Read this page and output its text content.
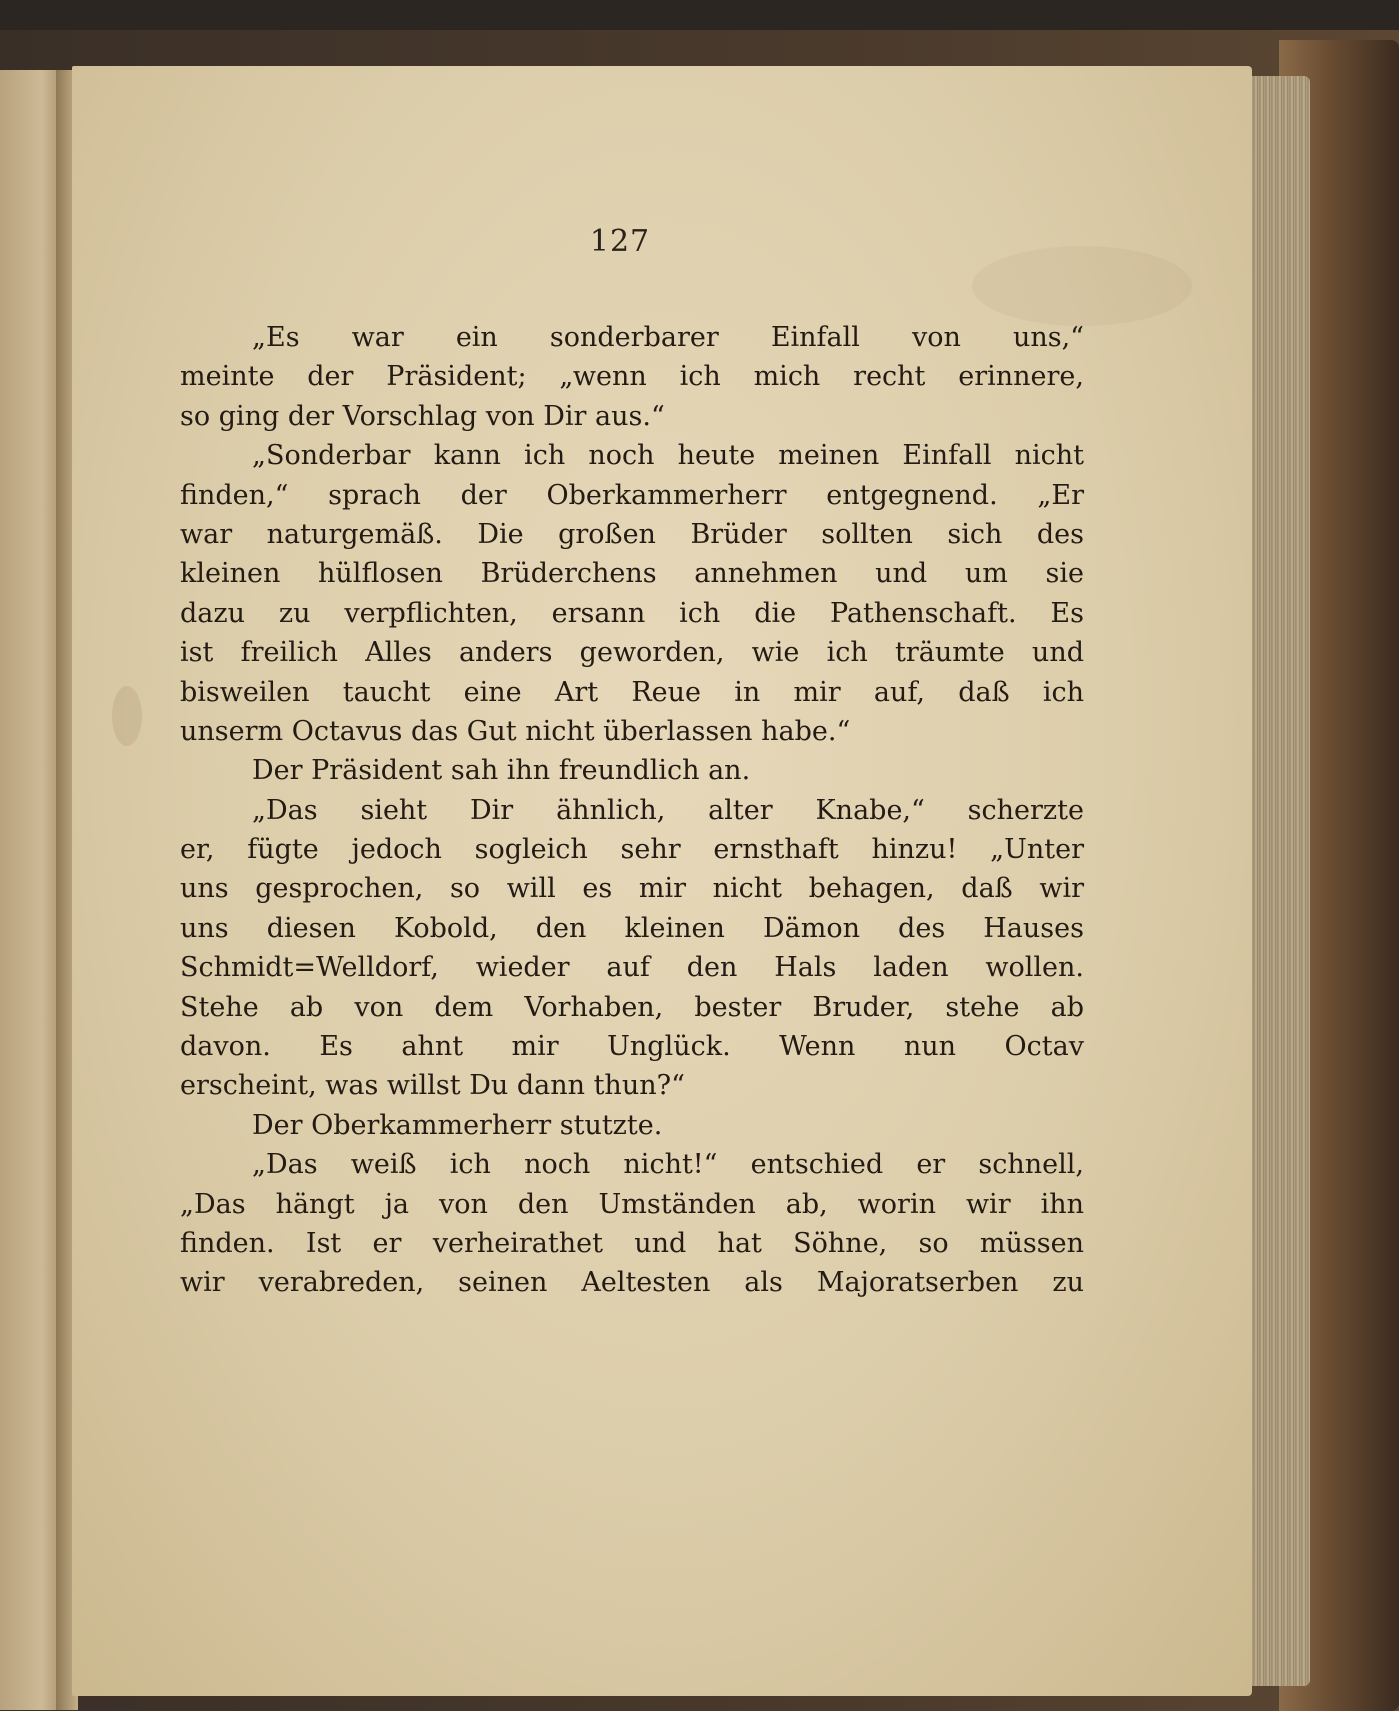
127
„Es war ein sonderbarer Einfall von uns,“
meinte der Präsident; „wenn ich mich recht erinnere,
so ging der Vorschlag von Dir aus.“
„Sonderbar kann ich noch heute meinen Einfall nicht
finden,“ sprach der Oberkammerherr entgegnend. „Er
war naturgemäß. Die großen Brüder sollten sich des
kleinen hülflosen Brüderchens annehmen und um sie
dazu zu verpflichten, ersann ich die Pathenschaft. Es
ist freilich Alles anders geworden, wie ich träumte und
bisweilen taucht eine Art Reue in mir auf, daß ich
unserm Octavus das Gut nicht überlassen habe.“
Der Präsident sah ihn freundlich an.
„Das sieht Dir ähnlich, alter Knabe,“ scherzte
er, fügte jedoch sogleich sehr ernsthaft hinzu! „Unter
uns gesprochen, so will es mir nicht behagen, daß wir
uns diesen Kobold, den kleinen Dämon des Hauses
Schmidt=Welldorf, wieder auf den Hals laden wollen.
Stehe ab von dem Vorhaben, bester Bruder, stehe ab
davon. Es ahnt mir Unglück. Wenn nun Octav
erscheint, was willst Du dann thun?“
Der Oberkammerherr stutzte.
„Das weiß ich noch nicht!“ entschied er schnell,
„Das hängt ja von den Umständen ab, worin wir ihn
finden. Ist er verheirathet und hat Söhne, so müssen
wir verabreden, seinen Aeltesten als Majoratserben zu
